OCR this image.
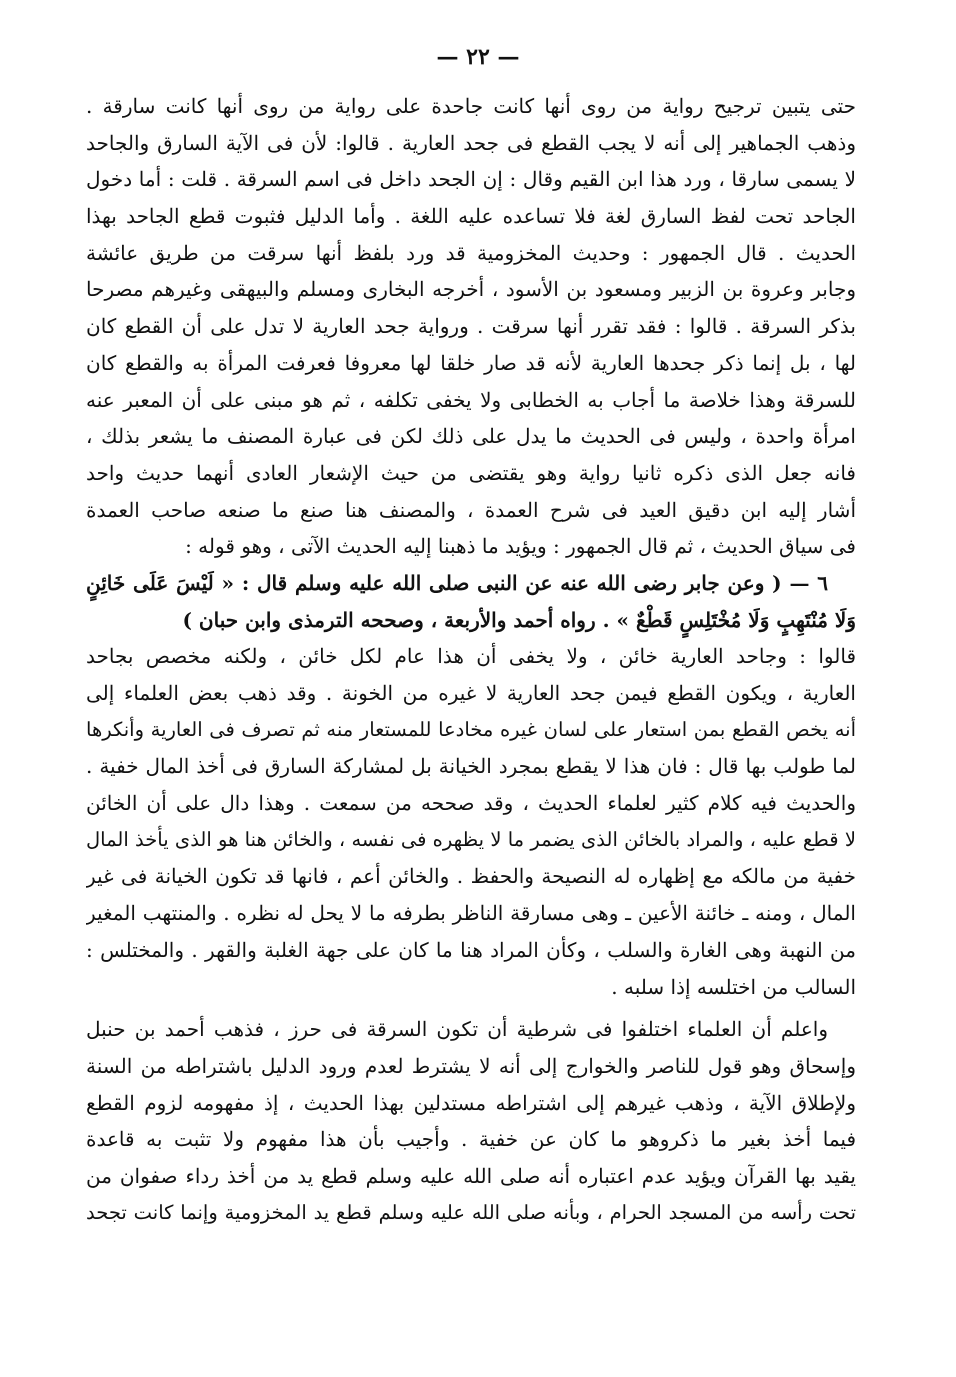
— ٢٢ —
حتى يتبين ترجيح رواية من روى أنها كانت جاحدة على رواية من روى أنها كانت سارقة .
وذهب الجماهير إلى أنه لا يجب القطع فى جحد العارية . قالوا: لأن فى الآية السارق والجاحد
لا يسمى سارقا ، ورد هذا ابن القيم وقال : إن الجحد داخل فى اسم السرقة . قلت : أما دخول
الجاحد تحت لفظ السارق لغة فلا تساعده عليه اللغة . وأما الدليل فثبوت قطع الجاحد بهذا
الحديث . قال الجمهور : وحديث المخزومية قد ورد بلفظ أنها سرقت من طريق عائشة
وجابر وعروة بن الزبير ومسعود بن الأسود ، أخرجه البخارى ومسلم والبيهقى وغيرهم مصرحا
بذكر السرقة . قالوا : فقد تقرر أنها سرقت . ورواية جحد العارية لا تدل على أن القطع كان
لها ، بل إنما ذكر جحدها العارية لأنه قد صار خلقا لها معروفا فعرفت المرأة به والقطع كان
للسرقة وهذا خلاصة ما أجاب به الخطابى ولا يخفى تكلفه ، ثم هو مبنى على أن المعبر عنه
امرأة واحدة ، وليس فى الحديث ما يدل على ذلك لكن فى عبارة المصنف ما يشعر بذلك ،
فانه جعل الذى ذكره ثانيا رواية وهو يقتضى من حيث الإشعار العادى أنهما حديث واحد
أشار إليه ابن دقيق العيد فى شرح العمدة ، والمصنف هنا صنع ما صنعه صاحب العمدة
فى سياق الحديث ، ثم قال الجمهور : ويؤيد ما ذهبنا إليه الحديث الآتى ، وهو قوله :
٦ — ( وعن جابر رضى الله عنه عن النبى صلى الله عليه وسلم قال : « لَيْسَ عَلَى خَائِنٍ
وَلَا مُنْتَهِبٍ وَلَا مُخْتَلِسٍ قَطْعٌ » . رواه أحمد والأربعة ، وصححه الترمذى وابن حبان )
قالوا : وجاحد العارية خائن ، ولا يخفى أن هذا عام لكل خائن ، ولكنه مخصص بجاحد
العارية ، ويكون القطع فيمن جحد العارية لا غيره من الخونة . وقد ذهب بعض العلماء إلى
أنه يخص القطع بمن استعار على لسان غيره مخادعا للمستعار منه ثم تصرف فى العارية وأنكرها
لما طولب بها قال : فان هذا لا يقطع بمجرد الخيانة بل لمشاركة السارق فى أخذ المال خفية .
والحديث فيه كلام كثير لعلماء الحديث ، وقد صححه من سمعت . وهذا دال على أن الخائن
لا قطع عليه ، والمراد بالخائن الذى يضمر ما لا يظهره فى نفسه ، والخائن هنا هو الذى يأخذ المال
خفية من مالكه مع إظهاره له النصيحة والحفظ . والخائن أعم ، فانها قد تكون الخيانة فى غير
المال ، ومنه ـ خائنة الأعين ـ وهى مسارقة الناظر بطرفه ما لا يحل له نظره . والمنتهب المغير
من النهبة وهى الغارة والسلب ، وكأن المراد هنا ما كان على جهة الغلبة والقهر . والمختلس :
السالب من اختلسه إذا سلبه .
واعلم أن العلماء اختلفوا فى شرطية أن تكون السرقة فى حرز ، فذهب أحمد بن حنبل
وإسحاق وهو قول للناصر والخوارج إلى أنه لا يشترط لعدم ورود الدليل باشتراطه من السنة
ولإطلاق الآية ، وذهب غيرهم إلى اشتراطه مستدلين بهذا الحديث ، إذ مفهومه لزوم القطع
فيما أخذ بغير ما ذكروهو ما كان عن خفية . وأجيب بأن هذا مفهوم ولا تثبت به قاعدة
يقيد بها القرآن ويؤيد عدم اعتباره أنه صلى الله عليه وسلم قطع يد من أخذ رداء صفوان من
تحت رأسه من المسجد الحرام ، وبأنه صلى الله عليه وسلم قطع يد المخزومية وإنما كانت تجحد
